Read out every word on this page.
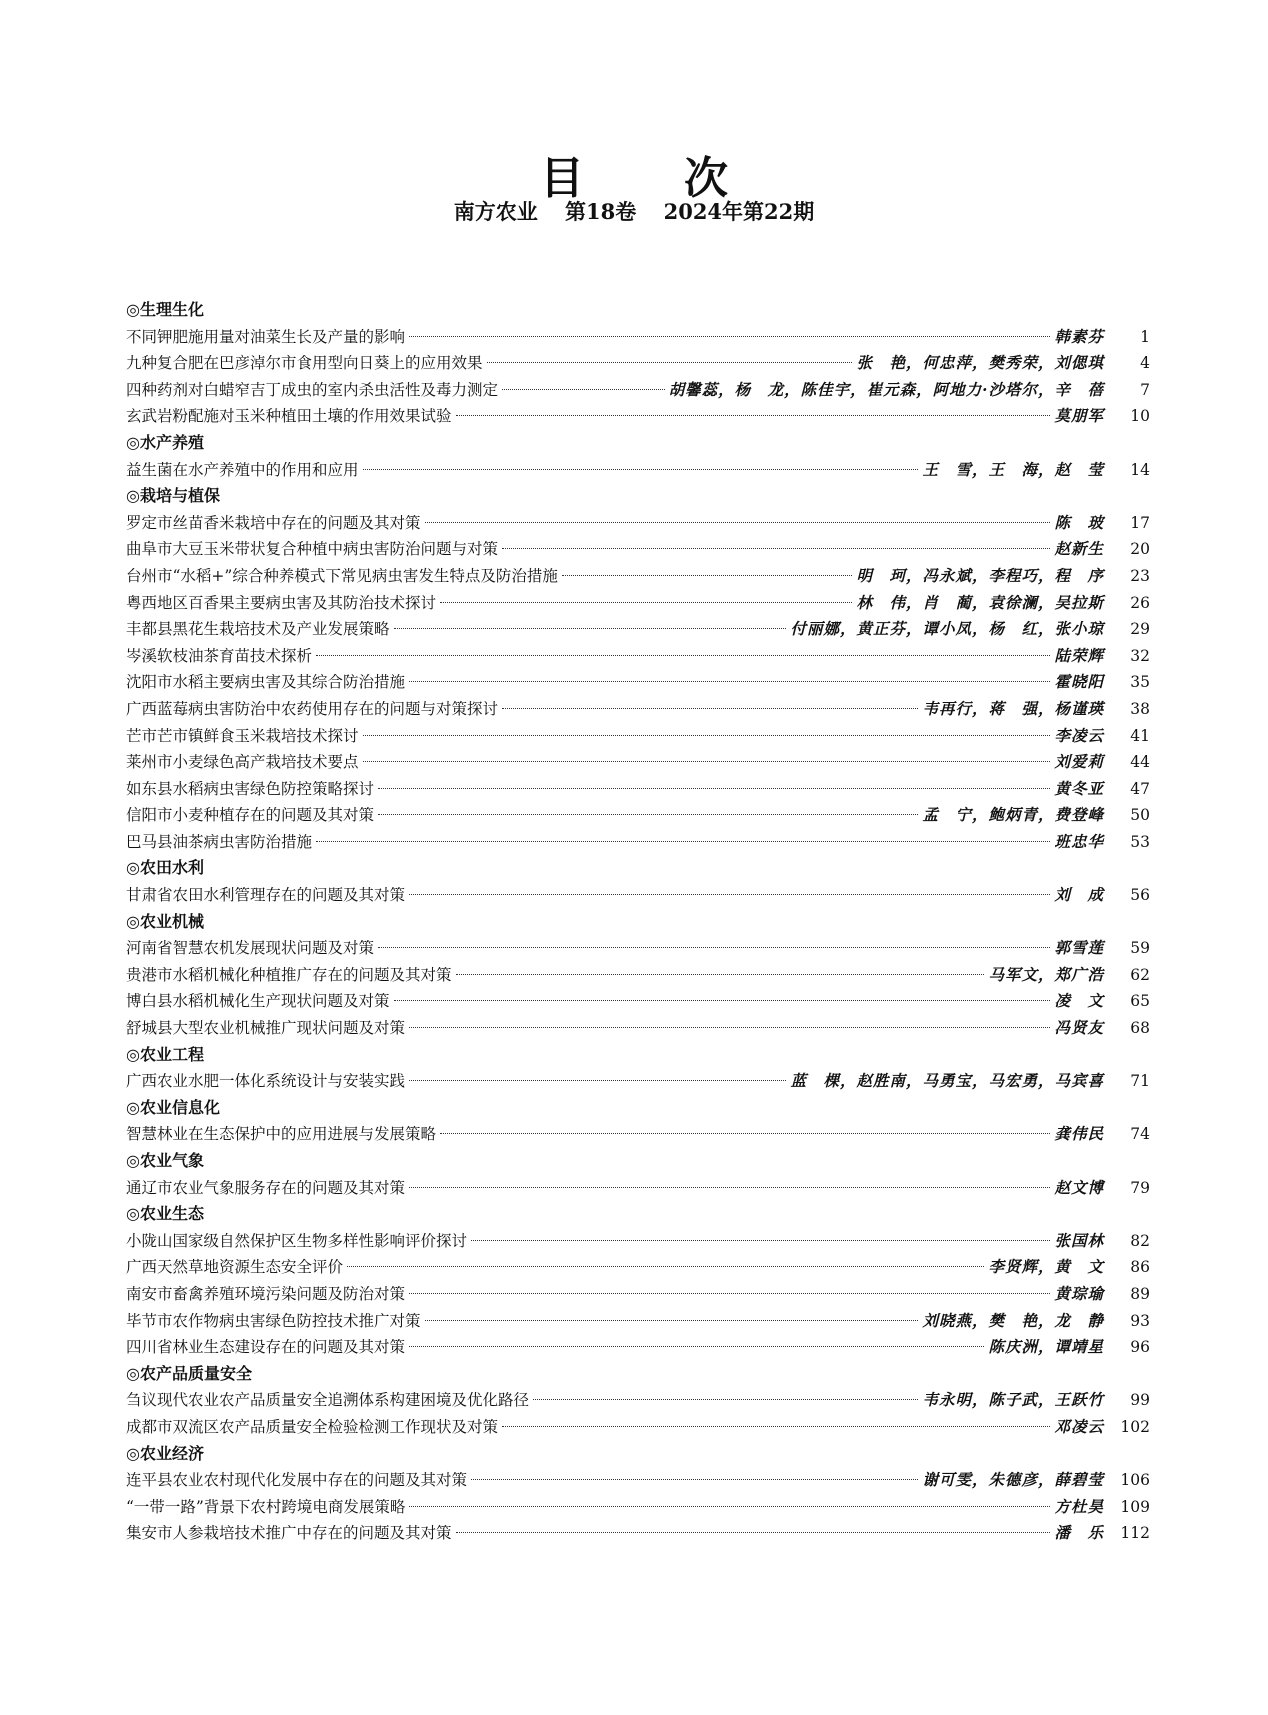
目　次
南方农业 第18卷 2024年第22期
◎生理生化
不同钾肥施用量对油菜生长及产量的影响	韩素芬	1
九种复合肥在巴彦淖尔市食用型向日葵上的应用效果	张　艳，何忠萍，樊秀荣，刘偲琪	4
四种药剂对白蜡窄吉丁成虫的室内杀虫活性及毒力测定	胡馨蕊，杨　龙，陈佳宇，崔元森，阿地力·沙塔尔，辛　蓓	7
玄武岩粉配施对玉米种植田土壤的作用效果试验	莫朋军	10
◎水产养殖
益生菌在水产养殖中的作用和应用	王　雪，王　海，赵　莹	14
◎栽培与植保
罗定市丝苗香米栽培中存在的问题及其对策	陈　玻	17
曲阜市大豆玉米带状复合种植中病虫害防治问题与对策	赵新生	20
台州市“水稻+”综合种养模式下常见病虫害发生特点及防治措施	明　珂，冯永斌，李程巧，程　序	23
粤西地区百香果主要病虫害及其防治技术探讨	林　伟，肖　蔺，袁徐澜，吴拉斯	26
丰都县黑花生栽培技术及产业发展策略	付丽娜，黄正芬，谭小凤，杨　红，张小琼	29
岑溪软枝油茶育苗技术探析	陆荣辉	32
沈阳市水稻主要病虫害及其综合防治措施	霍晓阳	35
广西蓝莓病虫害防治中农药使用存在的问题与对策探讨	韦再行，蒋　强，杨谨瑛	38
芒市芒市镇鲜食玉米栽培技术探讨	李凌云	41
莱州市小麦绿色高产栽培技术要点	刘爱莉	44
如东县水稻病虫害绿色防控策略探讨	黄冬亚	47
信阳市小麦种植存在的问题及其对策	孟　宁，鲍炳青，费登峰	50
巴马县油茶病虫害防治措施	班忠华	53
◎农田水利
甘肃省农田水利管理存在的问题及其对策	刘　成	56
◎农业机械
河南省智慧农机发展现状问题及对策	郭雪莲	59
贵港市水稻机械化种植推广存在的问题及其对策	马军文，郑广浩	62
博白县水稻机械化生产现状问题及对策	凌　文	65
舒城县大型农业机械推广现状问题及对策	冯贤友	68
◎农业工程
广西农业水肥一体化系统设计与安装实践	蓝　棵，赵胜南，马勇宝，马宏勇，马宾喜	71
◎农业信息化
智慧林业在生态保护中的应用进展与发展策略	龚伟民	74
◎农业气象
通辽市农业气象服务存在的问题及其对策	赵文博	79
◎农业生态
小陇山国家级自然保护区生物多样性影响评价探讨	张国林	82
广西天然草地资源生态安全评价	李贤辉，黄　文	86
南安市畜禽养殖环境污染问题及防治对策	黄琮瑜	89
毕节市农作物病虫害绿色防控技术推广对策	刘晓燕，樊　艳，龙　静	93
四川省林业生态建设存在的问题及其对策	陈庆洲，谭靖星	96
◎农产品质量安全
刍议现代农业农产品质量安全追溯体系构建困境及优化路径	韦永明，陈子武，王跃竹	99
成都市双流区农产品质量安全检验检测工作现状及对策	邓凌云	102
◎农业经济
连平县农业农村现代化发展中存在的问题及其对策	谢可雯，朱德彦，薛碧莹	106
“一带一路”背景下农村跨境电商发展策略	方杜昊	109
集安市人参栽培技术推广中存在的问题及其对策	潘　乐	112
